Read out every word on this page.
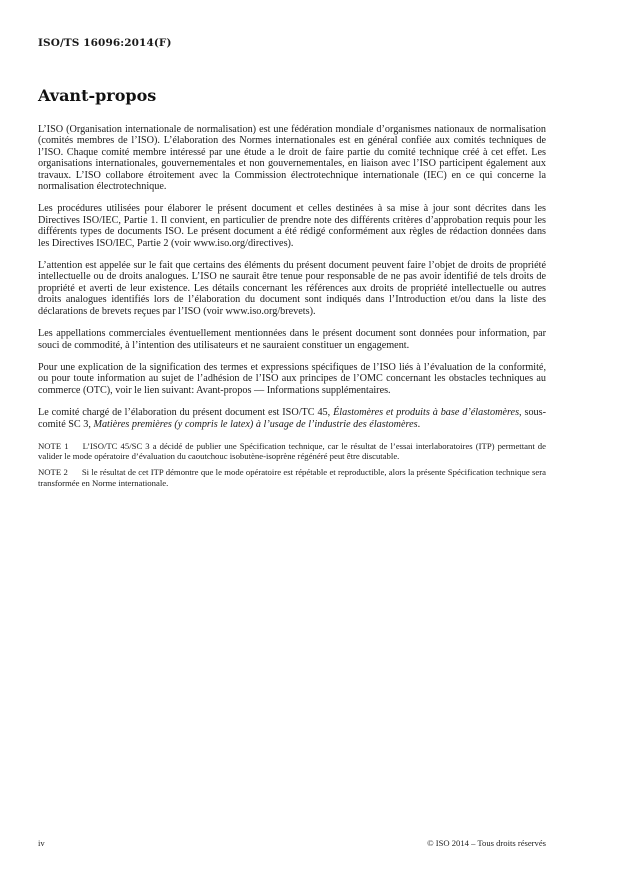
ISO/TS 16096:2014(F)
Avant-propos

L’ISO (Organisation internationale de normalisation) est une fédération mondiale d’organismes nationaux de normalisation (comités membres de l’ISO). L’élaboration des Normes internationales est en général confiée aux comités techniques de l’ISO. Chaque comité membre intéressé par une étude a le droit de faire partie du comité technique créé à cet effet. Les organisations internationales, gouvernementales et non gouvernementales, en liaison avec l’ISO participent également aux travaux. L’ISO collabore étroitement avec la Commission électrotechnique internationale (IEC) en ce qui concerne la normalisation électrotechnique.

Les procédures utilisées pour élaborer le présent document et celles destinées à sa mise à jour sont décrites dans les Directives ISO/IEC, Partie 1. Il convient, en particulier de prendre note des différents critères d’approbation requis pour les différents types de documents ISO. Le présent document a été rédigé conformément aux règles de rédaction données dans les Directives ISO/IEC, Partie 2 (voir www.iso.org/directives).

L’attention est appelée sur le fait que certains des éléments du présent document peuvent faire l’objet de droits de propriété intellectuelle ou de droits analogues. L’ISO ne saurait être tenue pour responsable de ne pas avoir identifié de tels droits de propriété et averti de leur existence. Les détails concernant les références aux droits de propriété intellectuelle ou autres droits analogues identifiés lors de l’élaboration du document sont indiqués dans l’Introduction et/ou dans la liste des déclarations de brevets reçues par l’ISO (voir www.iso.org/brevets).

Les appellations commerciales éventuellement mentionnées dans le présent document sont données pour information, par souci de commodité, à l’intention des utilisateurs et ne sauraient constituer un engagement.

Pour une explication de la signification des termes et expressions spécifiques de l’ISO liés à l’évaluation de la conformité, ou pour toute information au sujet de l’adhésion de l’ISO aux principes de l’OMC concernant les obstacles techniques au commerce (OTC), voir le lien suivant: Avant-propos — Informations supplémentaires.

Le comité chargé de l’élaboration du présent document est ISO/TC 45, Élastomères et produits à base d’élastomères, sous-comité SC 3, Matières premières (y compris le latex) à l’usage de l’industrie des élastomères.

NOTE 1 L’ISO/TC 45/SC 3 a décidé de publier une Spécification technique, car le résultat de l’essai interlaboratoires (ITP) permettant de valider le mode opératoire d’évaluation du caoutchouc isobutène-isoprène régénéré peut être discutable.

NOTE 2 Si le résultat de cet ITP démontre que le mode opératoire est répétable et reproductible, alors la présente Spécification technique sera transformée en Norme internationale.

iv	© ISO 2014 – Tous droits réservés
